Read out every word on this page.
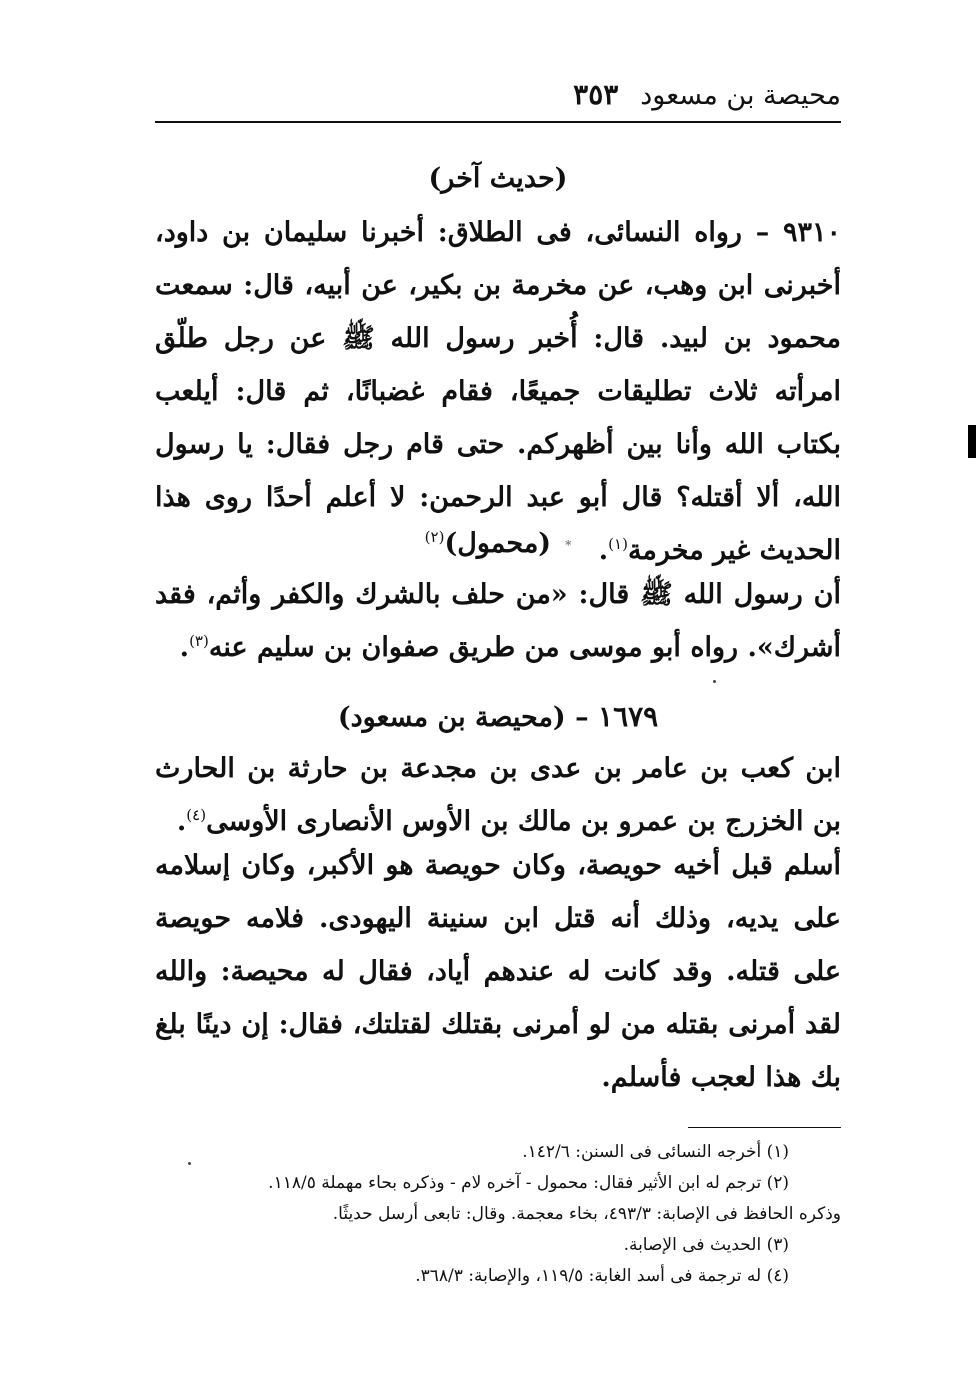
محيصة بن مسعود
٣٥٣
(حديث آخر)
٩٣١٠ – رواه النسائى، فى الطلاق: أخبرنا سليمان بن داود، أخبرنى ابن وهب، عن مخرمة بن بكير، عن أبيه، قال: سمعت محمود بن لبيد. قال: أُخبر رسول الله ﷺ عن رجل طلّق امرأته ثلاث تطليقات جميعًا، فقام غضبانًا، ثم قال: أيلعب بكتاب الله وأنا بين أظهركم. حتى قام رجل فقال: يا رسول الله، ألا أقتله؟ قال أبو عبد الرحمن: لا أعلم أحدًا روى هذا الحديث غير مخرمة$^{(١)}$.
*(محمول)$^{(٢)}$
أن رسول الله ﷺ قال: «من حلف بالشرك والكفر وأثم، فقد أشرك». رواه أبو موسى من طريق صفوان بن سليم عنه$^{(٣)}$.
١٦٧٩ – (محيصة بن مسعود)
ابن كعب بن عامر بن عدى بن مجدعة بن حارثة بن الحارث بن الخزرج بن عمرو بن مالك بن الأوس الأنصارى الأوسى$^{(٤)}$.
أسلم قبل أخيه حويصة، وكان حويصة هو الأكبر، وكان إسلامه على يديه، وذلك أنه قتل ابن سنينة اليهودى. فلامه حويصة على قتله. وقد كانت له عندهم أياد، فقال له محيصة: والله لقد أمرنى بقتله من لو أمرنى بقتلك لقتلتك، فقال: إن دينًا بلغ بك هذا لعجب فأسلم.
(١) أخرجه النسائى فى السنن: ١٤٢/٦.
(٢) ترجم له ابن الأثير فقال: محمول - آخره لام - وذكره بحاء مهملة ١١٨/٥.
وذكره الحافظ فى الإصابة: ٤٩٣/٣، بخاء معجمة. وقال: تابعى أرسل حديثًا.
(٣) الحديث فى الإصابة.
(٤) له ترجمة فى أسد الغابة: ١١٩/٥، والإصابة: ٣٦٨/٣.
